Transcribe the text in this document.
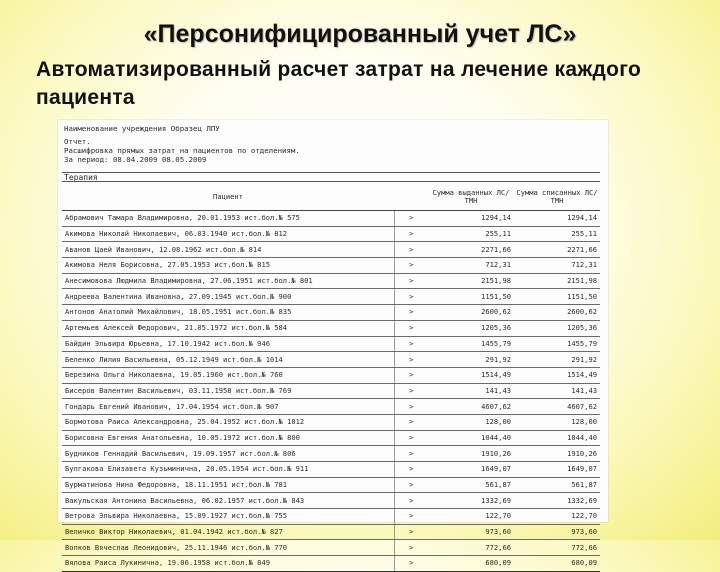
«Персонифицированный учет ЛС»
Автоматизированный расчет затрат на лечение каждого пациента
Наименование учреждения Образец ЛПУ
Отчет.
Расшифровка прямых затрат на пациентов по отделениям.
За период: 08.04.2009 08.05.2009
Терапия
Пациент		Сумма выданных ЛС/ТМН	Сумма списанных ЛС/ТМН
Абрамович Тамара Владимировна, 20.01.1953 ист.бол.№ 575	>	1294,14	1294,14
Акимова Николай Николаевич, 06.03.1940 ист.бол.№ 812	>	255,11	255,11
Аванов Цаей Иванович, 12.08.1962 ист.бол.№ 814	>	2271,66	2271,66
Акимова Неля Борисовна, 27.05.1953 ист.бол.№ 815	>	712,31	712,31
Анесимовова Людмила Владимировна, 27.06.1951 ист.бол.№ 801	>	2151,98	2151,98
Андреева Валентина Ивановна, 27.09.1945 ист.бол.№ 900	>	1151,50	1151,50
Антонов Анатолий Михайлович, 18.05.1951 ист.бол.№ 835	>	2600,62	2600,62
Артемьев Алексей Федорович, 21.05.1972 ист.бол.№ 584	>	1205,36	1205,36
Байдин Эльвира Юрьевна, 17.10.1942 ист.бол.№ 946	>	1455,79	1455,79
Беленко Лилия Васильевна, 05.12.1949 ист.бол.№ 1014	>	291,92	291,92
Березина Ольга Николаевна, 19.05.1960 ист.бол.№ 760	>	1514,49	1514,49
Бисеров Валентин Васильевич, 03.11.1958 ист.бол.№ 769	>	141,43	141,43
Гондарь Евгений Иванович, 17.04.1954 ист.бол.№ 907	>	4607,62	4607,62
Бормотова Раиса Александровна, 25.04.1952 ист.бол.№ 1012	>	128,00	128,00
Борисовна Евгения Анатольевна, 10.05.1972 ист.бол.№ 800	>	1044,40	1044,40
Будников Геннадий Васильевич, 19.09.1957 ист.бол.№ 806	>	1910,26	1910,26
Булгакова Елизавета Кузьминична, 20.05.1954 ист.бол.№ 911	>	1649,07	1649,07
Бурматинова Нина Федоровна, 18.11.1951 ист.бол.№ 781	>	561,87	561,87
Вакульская Антонина Васильевна, 06.02.1957 ист.бол.№ 843	>	1332,69	1332,69
Ветрова Эльвира Николаевна, 15.09.1927 ист.бол.№ 755	>	122,70	122,70
Величко Виктор Николаевич, 01.04.1942 ист.бол.№ 827	>	973,60	973,60
Волков Вячеслав Леонидович, 25.11.1946 ист.бол.№ 770	>	772,66	772,66
Вялова Раиса Лукинична, 19.06.1958 ист.бол.№ 849	>	680,09	680,09
